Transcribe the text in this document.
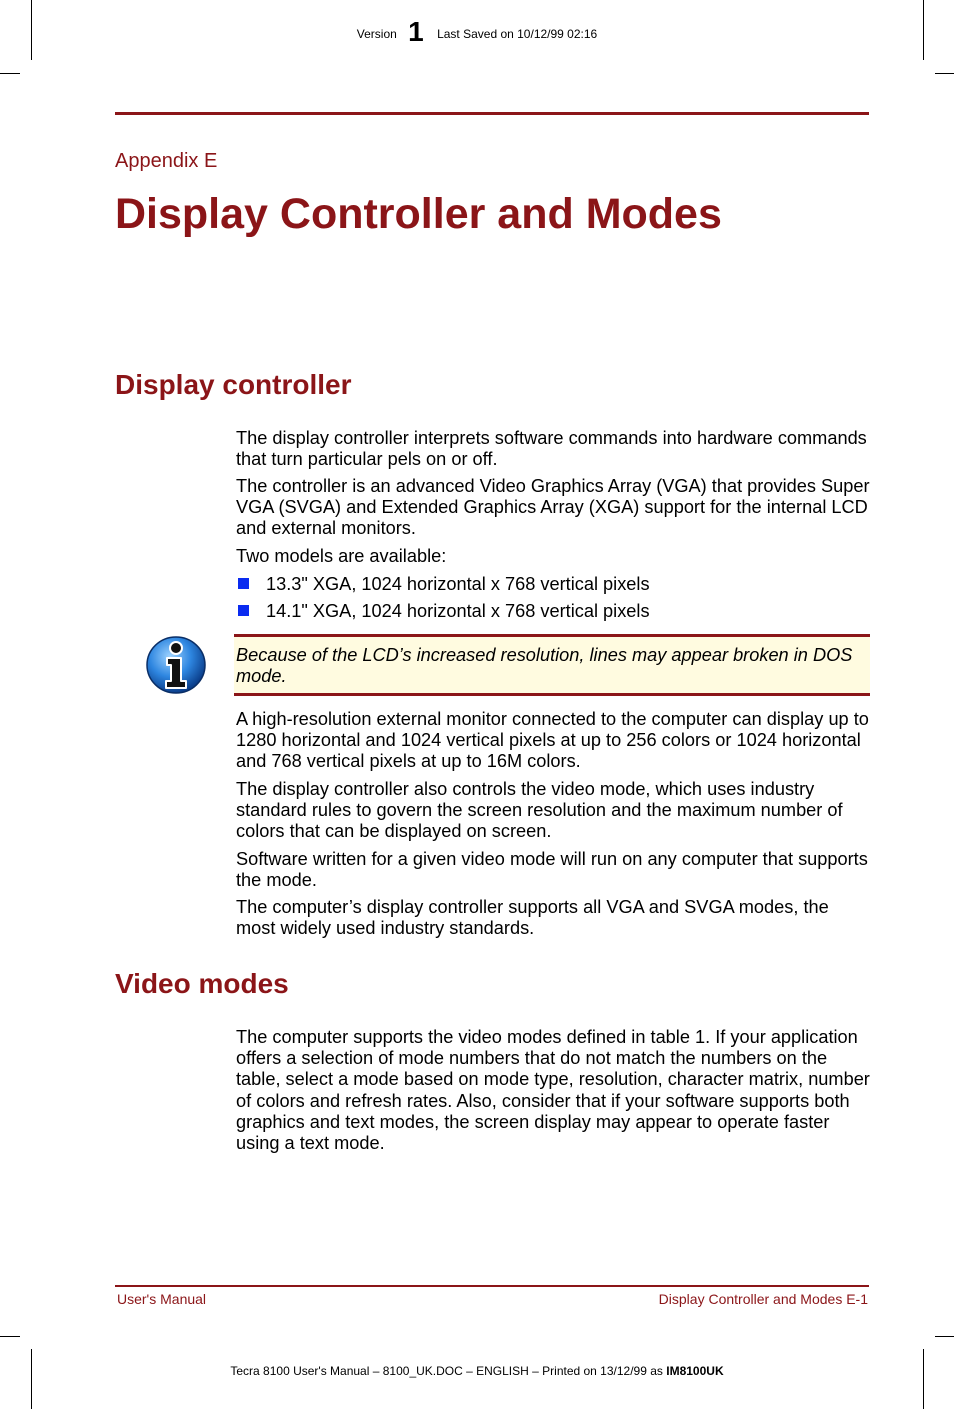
Version 1 Last Saved on 10/12/99 02:16
Appendix E
Display Controller and Modes
Display controller
The display controller interprets software commands into hardware commands that turn particular pels on or off.
The controller is an advanced Video Graphics Array (VGA) that provides Super VGA (SVGA) and Extended Graphics Array (XGA) support for the internal LCD and external monitors.
Two models are available:
13.3" XGA, 1024 horizontal x 768 vertical pixels
14.1" XGA, 1024 horizontal x 768 vertical pixels
Because of the LCD’s increased resolution, lines may appear broken in DOS mode.
A high-resolution external monitor connected to the computer can display up to 1280 horizontal and 1024 vertical pixels at up to 256 colors or 1024 horizontal and 768 vertical pixels at up to 16M colors.
The display controller also controls the video mode, which uses industry standard rules to govern the screen resolution and the maximum number of colors that can be displayed on screen.
Software written for a given video mode will run on any computer that supports the mode.
The computer’s display controller supports all VGA and SVGA modes, the most widely used industry standards.
Video modes
The computer supports the video modes defined in table 1. If your application offers a selection of mode numbers that do not match the numbers on the table, select a mode based on mode type, resolution, character matrix, number of colors and refresh rates. Also, consider that if your software supports both graphics and text modes, the screen display may appear to operate faster using a text mode.
User's Manual	Display Controller and Modes E-1
Tecra 8100 User's Manual – 8100_UK.DOC – ENGLISH – Printed on 13/12/99 as IM8100UK
